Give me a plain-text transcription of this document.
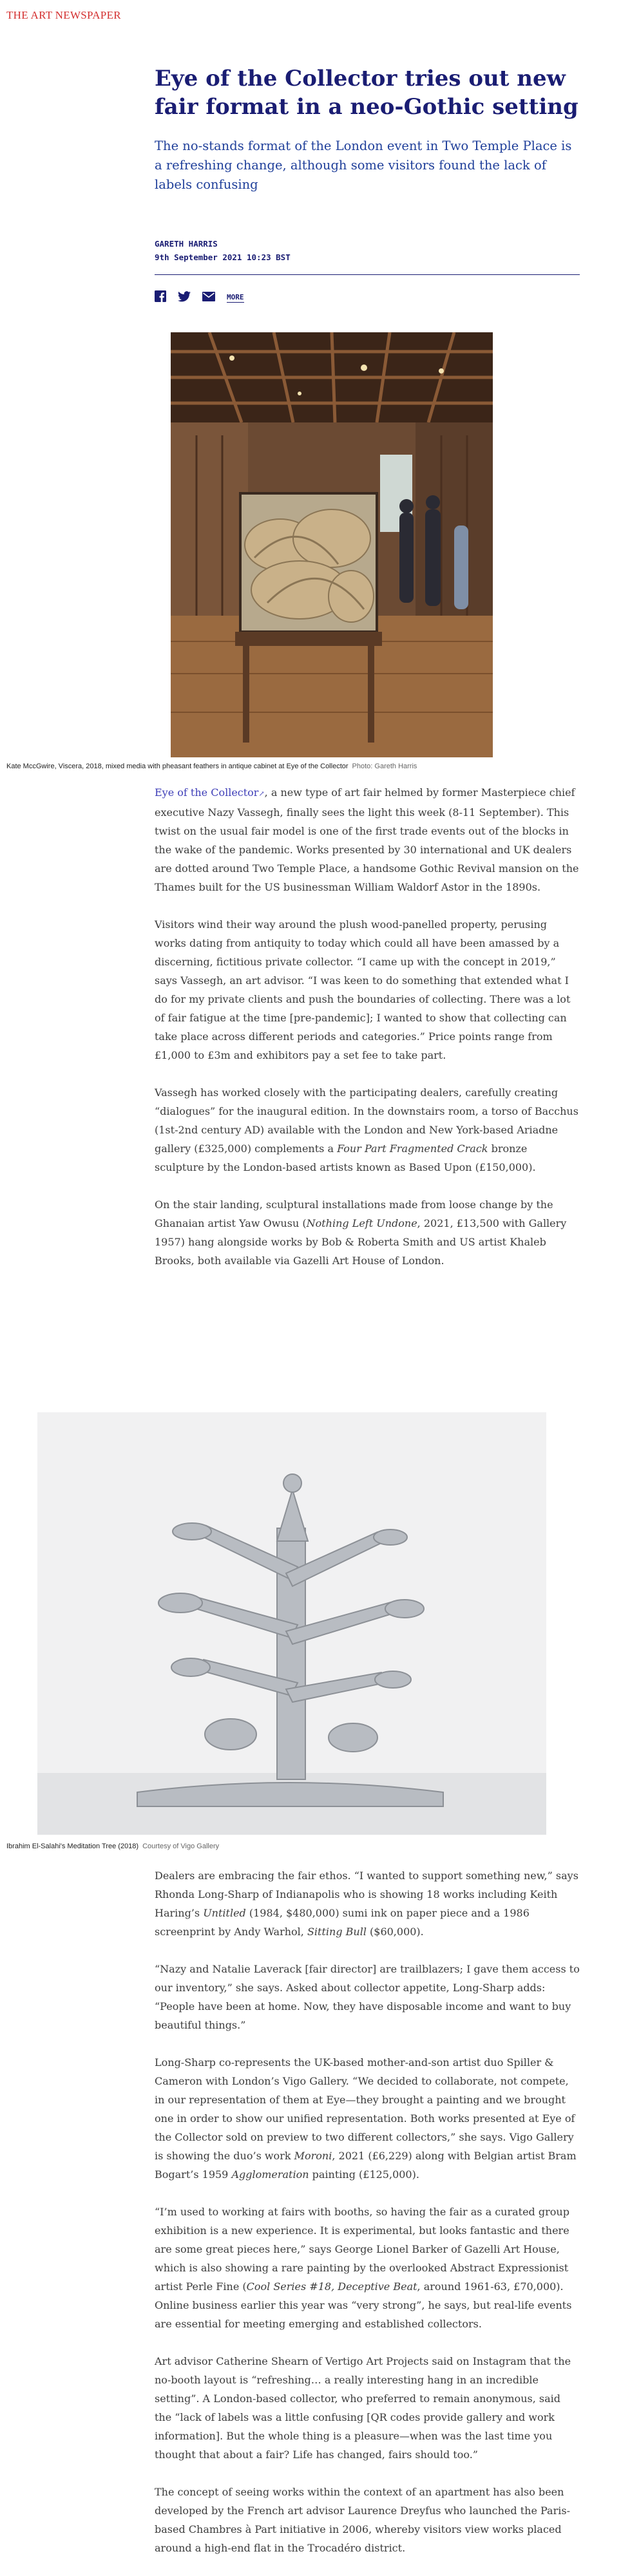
THE ART NEWSPAPER
Eye of the Collector tries out new fair format in a neo-Gothic setting

The no-stands format of the London event in Two Temple Place is a refreshing change, although some visitors found the lack of labels confusing

GARETH HARRIS
9th September 2021 10:23 BST
MORE
Kate MccGwire, Viscera, 2018, mixed media with pheasant feathers in antique cabinet at Eye of the Collector Photo: Gareth Harris

Eye of the Collector↗, a new type of art fair helmed by former Masterpiece chief executive Nazy Vassegh, finally sees the light this week (8-11 September). This twist on the usual fair model is one of the first trade events out of the blocks in the wake of the pandemic. Works presented by 30 international and UK dealers are dotted around Two Temple Place, a handsome Gothic Revival mansion on the Thames built for the US businessman William Waldorf Astor in the 1890s.

Visitors wind their way around the plush wood-panelled property, perusing works dating from antiquity to today which could all have been amassed by a discerning, fictitious private collector. “I came up with the concept in 2019,” says Vassegh, an art advisor. “I was keen to do something that extended what I do for my private clients and push the boundaries of collecting. There was a lot of fair fatigue at the time [pre-pandemic]; I wanted to show that collecting can take place across different periods and categories.” Price points range from £1,000 to £3m and exhibitors pay a set fee to take part.

Vassegh has worked closely with the participating dealers, carefully creating “dialogues” for the inaugural edition. In the downstairs room, a torso of Bacchus (1st-2nd century AD) available with the London and New York-based Ariadne gallery (£325,000) complements a Four Part Fragmented Crack bronze sculpture by the London-based artists known as Based Upon (£150,000).

On the stair landing, sculptural installations made from loose change by the Ghanaian artist Yaw Owusu (Nothing Left Undone, 2021, £13,500 with Gallery 1957) hang alongside works by Bob & Roberta Smith and US artist Khaleb Brooks, both available via Gazelli Art House of London.

Ibrahim El-Salahi's Meditation Tree (2018) Courtesy of Vigo Gallery

Dealers are embracing the fair ethos. “I wanted to support something new,” says Rhonda Long-Sharp of Indianapolis who is showing 18 works including Keith Haring’s Untitled (1984, $480,000) sumi ink on paper piece and a 1986 screenprint by Andy Warhol, Sitting Bull ($60,000).

“Nazy and Natalie Laverack [fair director] are trailblazers; I gave them access to our inventory,” she says. Asked about collector appetite, Long-Sharp adds: “People have been at home. Now, they have disposable income and want to buy beautiful things.”

Long-Sharp co-represents the UK-based mother-and-son artist duo Spiller & Cameron with London’s Vigo Gallery. “We decided to collaborate, not compete, in our representation of them at Eye—they brought a painting and we brought one in order to show our unified representation. Both works presented at Eye of the Collector sold on preview to two different collectors,” she says. Vigo Gallery is showing the duo’s work Moroni, 2021 (£6,229) along with Belgian artist Bram Bogart’s 1959 Agglomeration painting (£125,000).

“I’m used to working at fairs with booths, so having the fair as a curated group exhibition is a new experience. It is experimental, but looks fantastic and there are some great pieces here,” says George Lionel Barker of Gazelli Art House, which is also showing a rare painting by the overlooked Abstract Expressionist artist Perle Fine (Cool Series #18, Deceptive Beat, around 1961-63, £70,000). Online business earlier this year was “very strong”, he says, but real-life events are essential for meeting emerging and established collectors.

Art advisor Catherine Shearn of Vertigo Art Projects said on Instagram that the no-booth layout is “refreshing… a really interesting hang in an incredible setting”. A London-based collector, who preferred to remain anonymous, said the “lack of labels was a little confusing [QR codes provide gallery and work information]. But the whole thing is a pleasure—when was the last time you thought that about a fair? Life has changed, fairs should too.”

The concept of seeing works within the context of an apartment has also been developed by the French art advisor Laurence Dreyfus who launched the Paris-based Chambres à Part initiative in 2006, whereby visitors view works placed around a high-end flat in the Trocadéro district.
